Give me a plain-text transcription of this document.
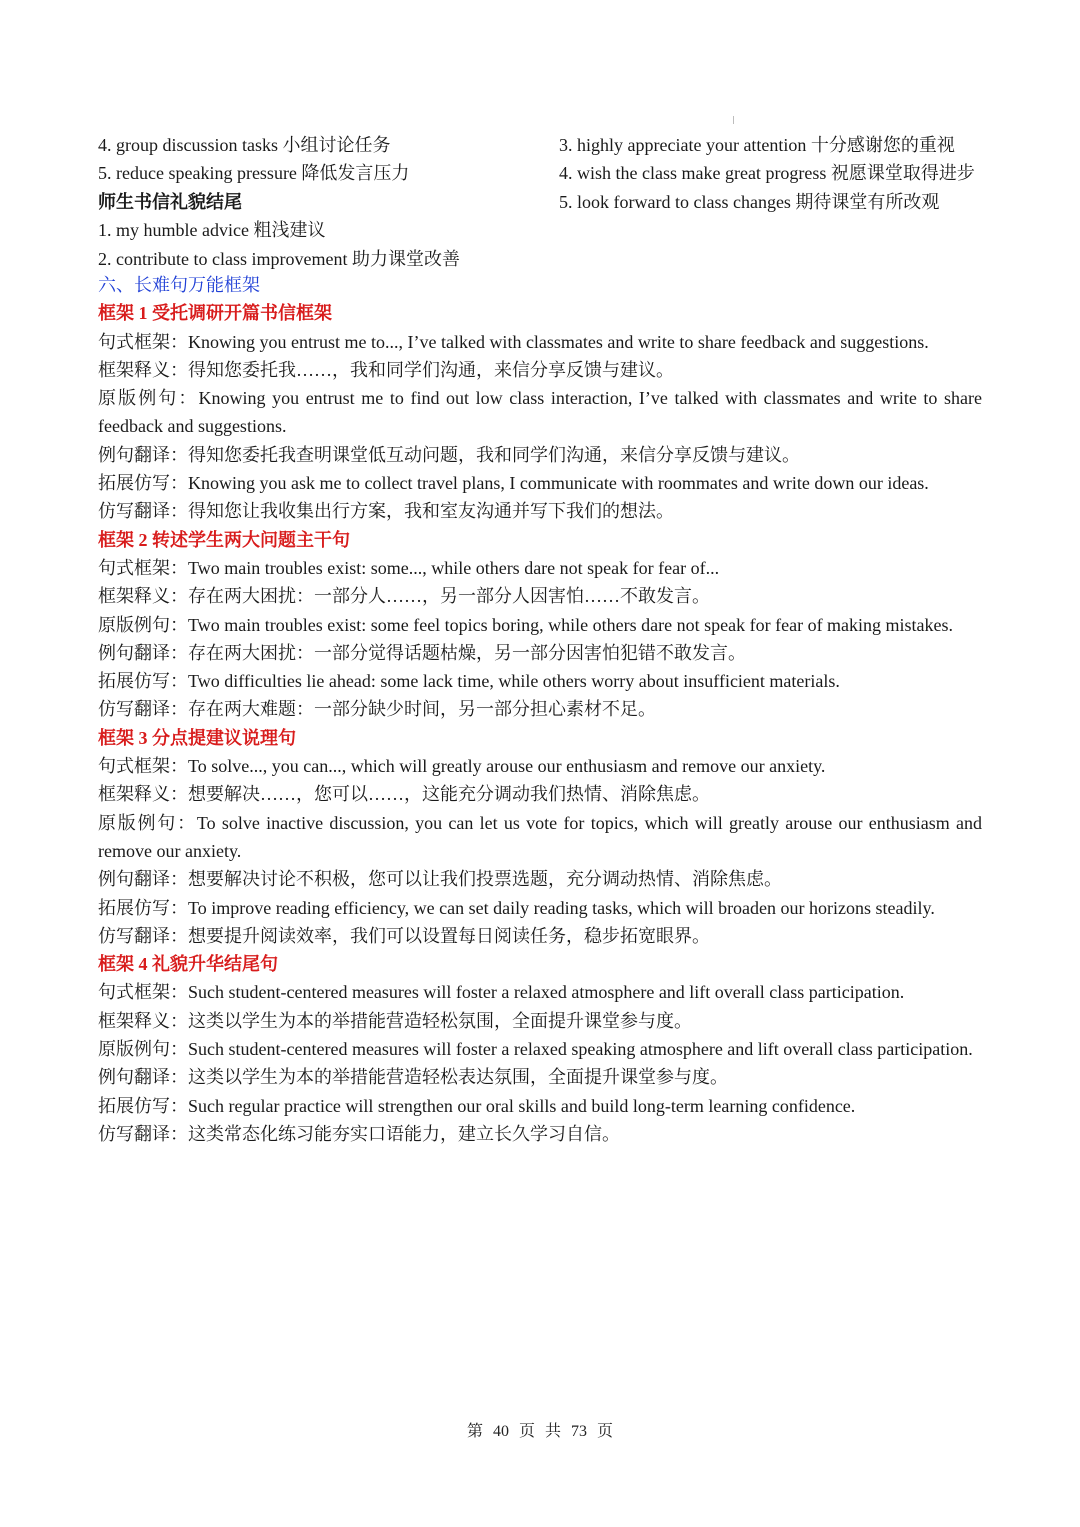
4. group discussion tasks 小组讨论任务
5. reduce speaking pressure 降低发言压力
师生书信礼貌结尾
1. my humble advice 粗浅建议
2. contribute to class improvement 助力课堂改善
3. highly appreciate your attention 十分感谢您的重视
4. wish the class make great progress 祝愿课堂取得进步
5. look forward to class changes 期待课堂有所改观

六、长难句万能框架

框架 1 受托调研开篇书信框架

句式框架：Knowing you entrust me to..., I’ve talked with classmates and write to share feedback and suggestions.

框架释义：得知您委托我……，我和同学们沟通，来信分享反馈与建议。

原版例句：Knowing you entrust me to find out low class interaction, I’ve talked with classmates and write to share feedback and suggestions.

例句翻译：得知您委托我查明课堂低互动问题，我和同学们沟通，来信分享反馈与建议。

拓展仿写：Knowing you ask me to collect travel plans, I communicate with roommates and write down our ideas.

仿写翻译：得知您让我收集出行方案，我和室友沟通并写下我们的想法。

框架 2 转述学生两大问题主干句

句式框架：Two main troubles exist: some..., while others dare not speak for fear of...

框架释义：存在两大困扰：一部分人……，另一部分人因害怕……不敢发言。

原版例句：Two main troubles exist: some feel topics boring, while others dare not speak for fear of making mistakes.

例句翻译：存在两大困扰：一部分觉得话题枯燥，另一部分因害怕犯错不敢发言。

拓展仿写：Two difficulties lie ahead: some lack time, while others worry about insufficient materials.

仿写翻译：存在两大难题：一部分缺少时间，另一部分担心素材不足。

框架 3 分点提建议说理句

句式框架：To solve..., you can..., which will greatly arouse our enthusiasm and remove our anxiety.

框架释义：想要解决……，您可以……，这能充分调动我们热情、消除焦虑。

原版例句：To solve inactive discussion, you can let us vote for topics, which will greatly arouse our enthusiasm and remove our anxiety.

例句翻译：想要解决讨论不积极，您可以让我们投票选题，充分调动热情、消除焦虑。

拓展仿写：To improve reading efficiency, we can set daily reading tasks, which will broaden our horizons steadily.

仿写翻译：想要提升阅读效率，我们可以设置每日阅读任务，稳步拓宽眼界。

框架 4 礼貌升华结尾句

句式框架：Such student-centered measures will foster a relaxed atmosphere and lift overall class participation.

框架释义：这类以学生为本的举措能营造轻松氛围，全面提升课堂参与度。

原版例句：Such student-centered measures will foster a relaxed speaking atmosphere and lift overall class participation.

例句翻译：这类以学生为本的举措能营造轻松表达氛围，全面提升课堂参与度。

拓展仿写：Such regular practice will strengthen our oral skills and build long-term learning confidence.

仿写翻译：这类常态化练习能夯实口语能力，建立长久学习自信。

第 40 页 共 73 页
